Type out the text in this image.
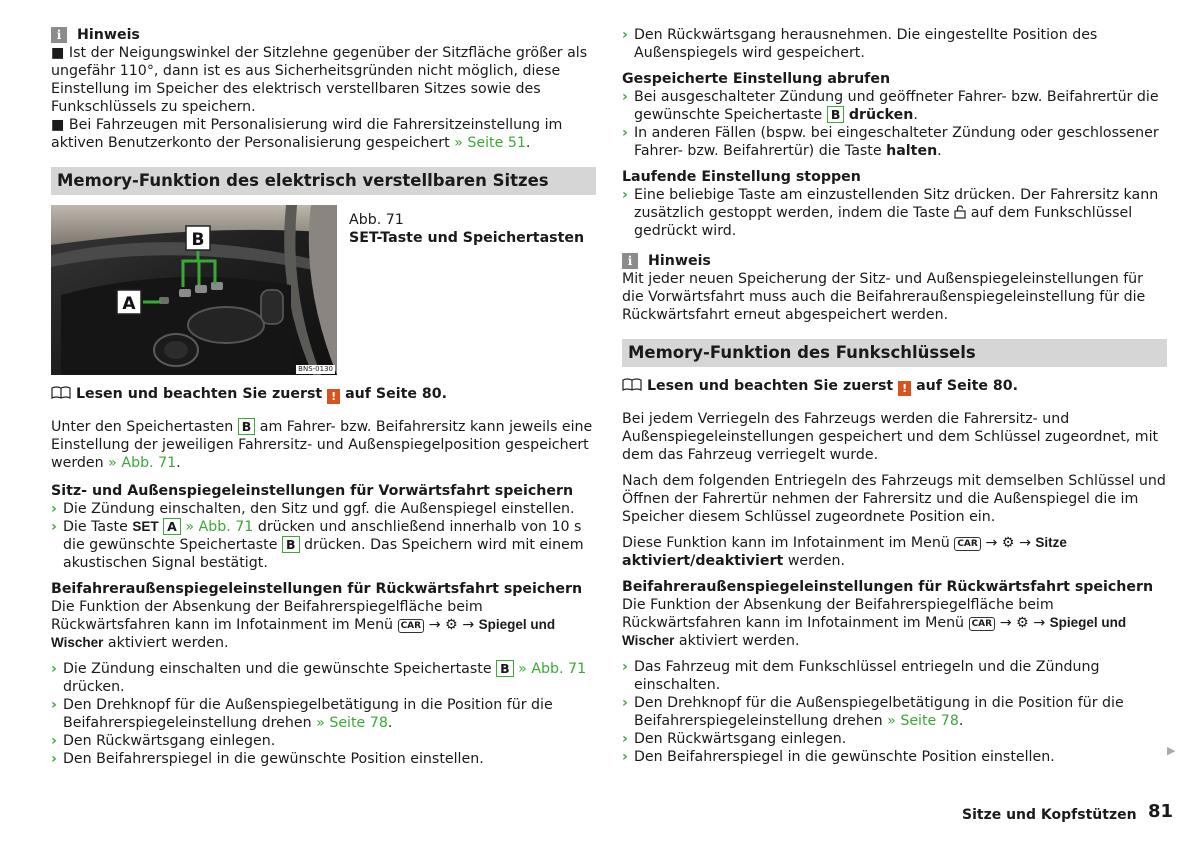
i	Hinweis

■ Ist der Neigungswinkel der Sitzlehne gegenüber der Sitzfläche größer als ungefähr 110°, dann ist es aus Sicherheitsgründen nicht möglich, diese Einstellung im Speicher des elektrisch verstellbaren Sitzes sowie des Funkschlüssels zu speichern.

■ Bei Fahrzeugen mit Personalisierung wird die Fahrersitzeinstellung im aktiven Benutzerkonto der Personalisierung gespeichert » Seite 51.

Memory-Funktion des elektrisch verstellbaren Sitzes
B
A
BNS-0130

Abb. 71

SET-Taste und Speichertasten

Lesen und beachten Sie zuerst ! auf Seite 80.

Unter den Speichertasten B am Fahrer- bzw. Beifahrersitz kann jeweils eine Einstellung der jeweiligen Fahrersitz- und Außenspiegelposition gespeichert werden » Abb. 71.

Sitz- und Außenspiegeleinstellungen für Vorwärtsfahrt speichern

› Die Zündung einschalten, den Sitz und ggf. die Außenspiegel einstellen.
› Die Taste SET A » Abb. 71 drücken und anschließend innerhalb von 10 s die gewünschte Speichertaste B drücken. Das Speichern wird mit einem akustischen Signal bestätigt.

Beifahreraußenspiegeleinstellungen für Rückwärtsfahrt speichern

Die Funktion der Absenkung der Beifahrerspiegelfläche beim Rückwärtsfahren kann im Infotainment im Menü CAR → ⚙ → Spiegel und Wischer aktiviert werden.

› Die Zündung einschalten und die gewünschte Speichertaste B » Abb. 71 drücken.
› Den Drehknopf für die Außenspiegelbetätigung in die Position für die Beifahrerspiegeleinstellung drehen » Seite 78.
› Den Rückwärtsgang einlegen.
› Den Beifahrerspiegel in die gewünschte Position einstellen.
› Den Rückwärtsgang herausnehmen. Die eingestellte Position des Außenspiegels wird gespeichert.

Gespeicherte Einstellung abrufen

› Bei ausgeschalteter Zündung und geöffneter Fahrer- bzw. Beifahrertür die gewünschte Speichertaste B drücken.
› In anderen Fällen (bspw. bei eingeschalteter Zündung oder geschlossener Fahrer- bzw. Beifahrertür) die Taste halten.

Laufende Einstellung stoppen

› Eine beliebige Taste am einzustellenden Sitz drücken. Der Fahrersitz kann zusätzlich gestoppt werden, indem die Taste auf dem Funkschlüssel gedrückt wird.
i	Hinweis

Mit jeder neuen Speicherung der Sitz- und Außenspiegeleinstellungen für die Vorwärtsfahrt muss auch die Beifahreraußenspiegeleinstellung für die Rückwärtsfahrt erneut abgespeichert werden.

Memory-Funktion des Funkschlüssels

Lesen und beachten Sie zuerst ! auf Seite 80.

Bei jedem Verriegeln des Fahrzeugs werden die Fahrersitz- und Außenspiegeleinstellungen gespeichert und dem Schlüssel zugeordnet, mit dem das Fahrzeug verriegelt wurde.

Nach dem folgenden Entriegeln des Fahrzeugs mit demselben Schlüssel und Öffnen der Fahrertür nehmen der Fahrersitz und die Außenspiegel die im Speicher diesem Schlüssel zugeordnete Position ein.

Diese Funktion kann im Infotainment im Menü CAR → ⚙ → Sitze aktiviert/deaktiviert werden.

Beifahreraußenspiegeleinstellungen für Rückwärtsfahrt speichern

Die Funktion der Absenkung der Beifahrerspiegelfläche beim Rückwärtsfahren kann im Infotainment im Menü CAR → ⚙ → Spiegel und Wischer aktiviert werden.

› Das Fahrzeug mit dem Funkschlüssel entriegeln und die Zündung einschalten.
› Den Drehknopf für die Außenspiegelbetätigung in die Position für die Beifahrerspiegeleinstellung drehen » Seite 78.
› Den Rückwärtsgang einlegen.
› Den Beifahrerspiegel in die gewünschte Position einstellen.	▶
Sitze und Kopfstützen 81
